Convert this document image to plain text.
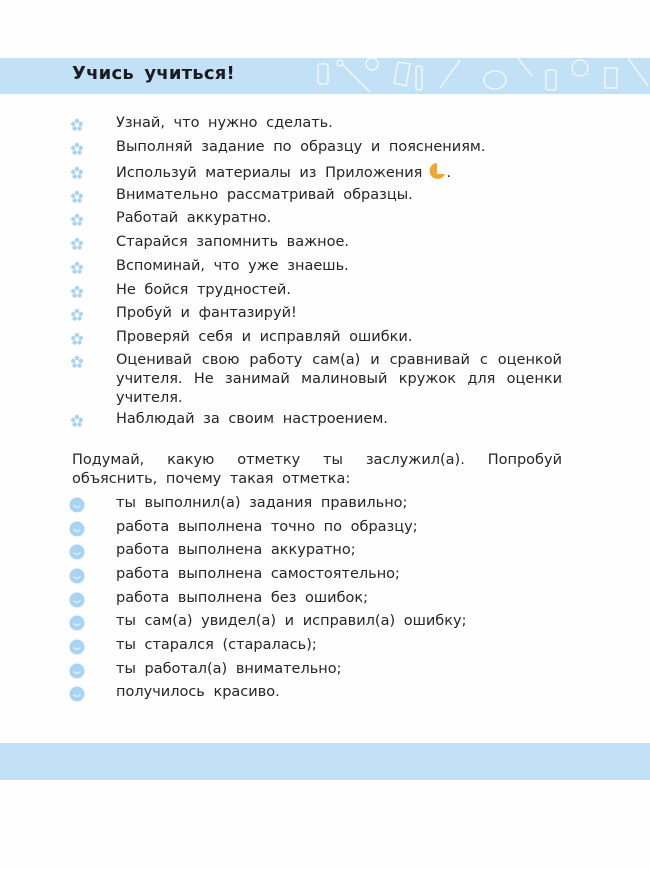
Учись учиться!
Узнай, что нужно сделать.
Выполняй задание по образцу и пояснениям.
Используй материалы из Приложения .
Внимательно рассматривай образцы.
Работай аккуратно.
Старайся запомнить важное.
Вспоминай, что уже знаешь.
Не бойся трудностей.
Пробуй и фантазируй!
Проверяй себя и исправляй ошибки.
Оценивай свою работу сам(а) и сравнивай с оценкой учителя. Не занимай малиновый кружок для оценки учителя.
Наблюдай за своим настроением.
Подумай, какую отметку ты заслужил(а). Попробуй объяснить, почему такая отметка:
ты выполнил(а) задания правильно;
работа выполнена точно по образцу;
работа выполнена аккуратно;
работа выполнена самостоятельно;
работа выполнена без ошибок;
ты сам(а) увидел(а) и исправил(а) ошибку;
ты старался (старалась);
ты работал(а) внимательно;
получилось красиво.
